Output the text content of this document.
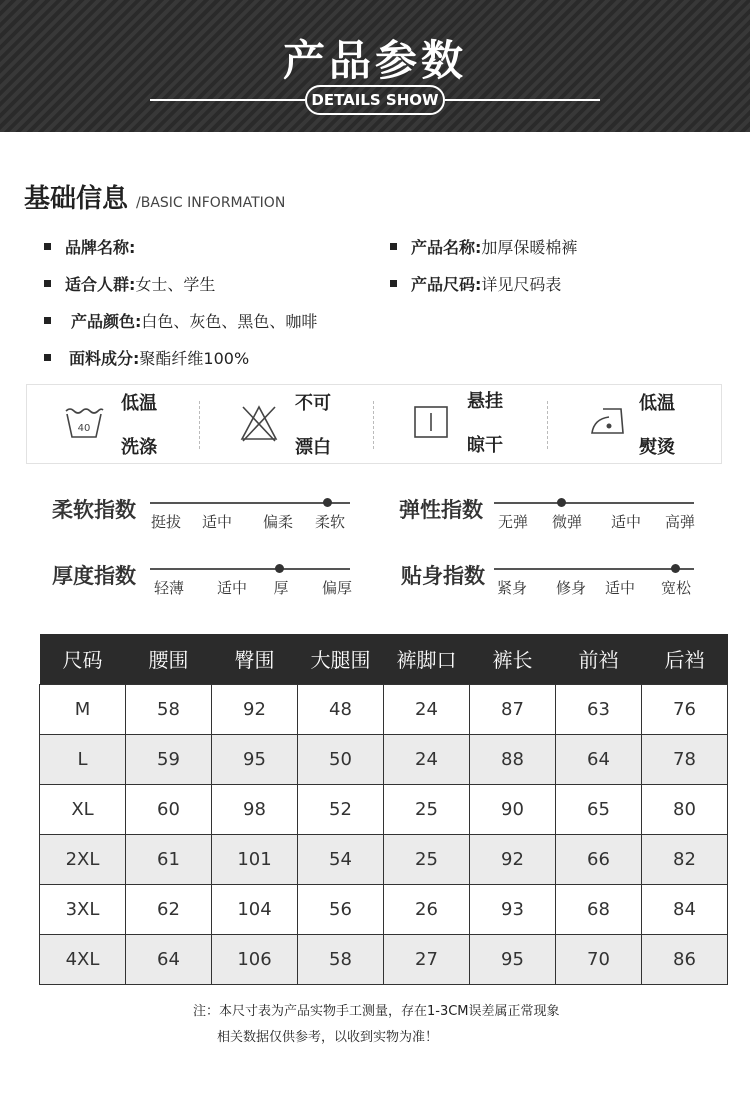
产品参数
DETAILS SHOW
基础信息 /BASIC INFORMATION
品牌名称:	产品名称:加厚保暖棉裤
适合人群:女士、学生	产品尺码:详见尺码表
产品颜色:白色、灰色、黑色、咖啡
面料成分:聚酯纤维100%
40
低温
洗涤
不可
漂白
悬挂
晾干
低温
熨烫
柔软指数 挺拔 适中 偏柔 柔软	弹性指数 无弹 微弹 适中 高弹
厚度指数 轻薄 适中 厚 偏厚 贴身指数 紧身 修身 适中 宽松
尺码	腰围	臀围	大腿围	裤脚口	裤长	前裆	后裆
M	58	92	48	24	87	63	76
L	59	95	50	24	88	64	78
XL	60	98	52	25	90	65	80
2XL	61	101	54	25	92	66	82
3XL	62	104	56	26	93	68	84
4XL	64	106	58	27	95	70	86
注：本尺寸表为产品实物手工测量，存在1-3CM误差属正常现象
相关数据仅供参考，以收到实物为准！
